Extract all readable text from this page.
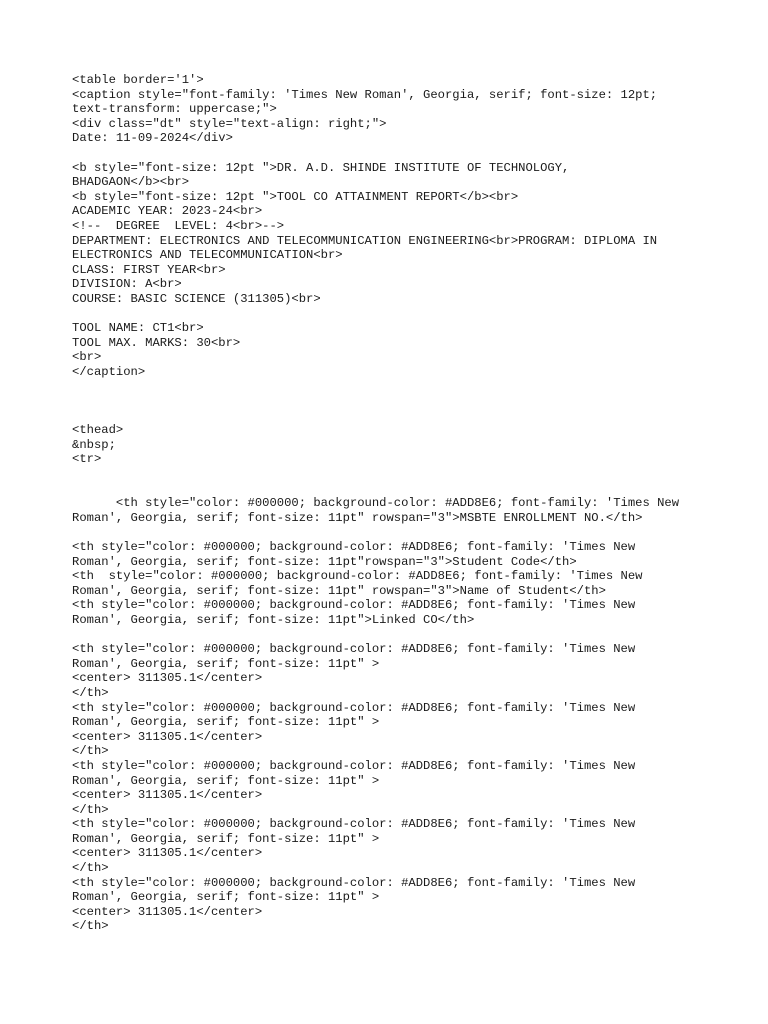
<table border='1'>
<caption style="font-family: 'Times New Roman', Georgia, serif; font-size: 12pt;
text-transform: uppercase;">
<div class="dt" style="text-align: right;">
Date: 11-09-2024</div>
<b style="font-size: 12pt ">DR. A.D. SHINDE INSTITUTE OF TECHNOLOGY,
BHADGAON</b><br>
<b style="font-size: 12pt ">TOOL CO ATTAINMENT REPORT</b><br>
ACADEMIC YEAR: 2023-24<br>
<!--  DEGREE  LEVEL: 4<br>-->
DEPARTMENT: ELECTRONICS AND TELECOMMUNICATION ENGINEERING<br>PROGRAM: DIPLOMA IN
ELECTRONICS AND TELECOMMUNICATION<br>
CLASS: FIRST YEAR<br>
DIVISION: A<br>
COURSE: BASIC SCIENCE (311305)<br>
TOOL NAME: CT1<br>
TOOL MAX. MARKS: 30<br>
<br>
</caption>
<thead>
&nbsp;
<tr>
<th style="color: #000000; background-color: #ADD8E6; font-family: 'Times New
Roman', Georgia, serif; font-size: 11pt" rowspan="3">MSBTE ENROLLMENT NO.</th>
<th style="color: #000000; background-color: #ADD8E6; font-family: 'Times New
Roman', Georgia, serif; font-size: 11pt"rowspan="3">Student Code</th>
<th  style="color: #000000; background-color: #ADD8E6; font-family: 'Times New
Roman', Georgia, serif; font-size: 11pt" rowspan="3">Name of Student</th>
<th style="color: #000000; background-color: #ADD8E6; font-family: 'Times New
Roman', Georgia, serif; font-size: 11pt">Linked CO</th>
<th style="color: #000000; background-color: #ADD8E6; font-family: 'Times New
Roman', Georgia, serif; font-size: 11pt" >
<center> 311305.1</center>
</th>
<th style="color: #000000; background-color: #ADD8E6; font-family: 'Times New
Roman', Georgia, serif; font-size: 11pt" >
<center> 311305.1</center>
</th>
<th style="color: #000000; background-color: #ADD8E6; font-family: 'Times New
Roman', Georgia, serif; font-size: 11pt" >
<center> 311305.1</center>
</th>
<th style="color: #000000; background-color: #ADD8E6; font-family: 'Times New
Roman', Georgia, serif; font-size: 11pt" >
<center> 311305.1</center>
</th>
<th style="color: #000000; background-color: #ADD8E6; font-family: 'Times New
Roman', Georgia, serif; font-size: 11pt" >
<center> 311305.1</center>
</th>
